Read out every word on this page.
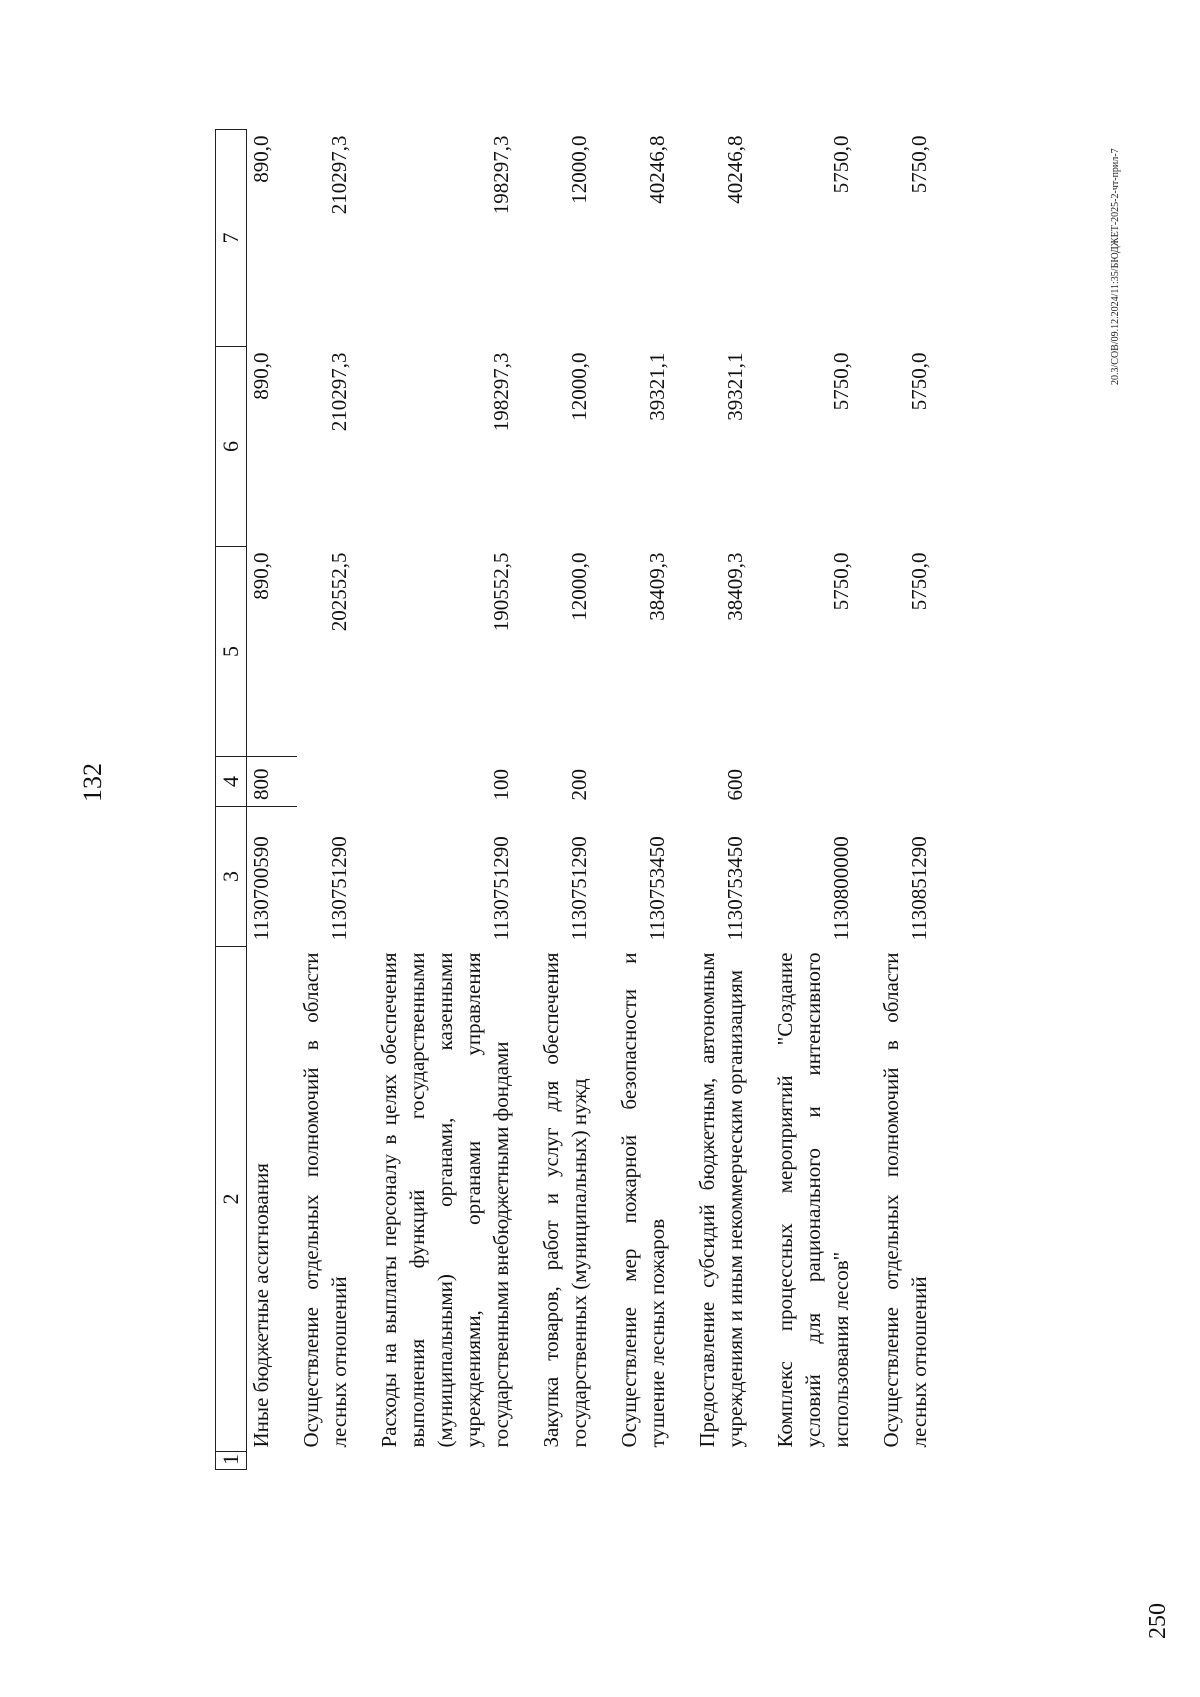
132
1	2	3	4	5	6	7
	Иные бюджетные ассигнования	1130700590	800	890,0	890,0	890,0
	Осуществление отдельных полномочий в области лесных отношений	1130751290		202552,5	210297,3	210297,3
	Расходы на выплаты персоналу в целях обеспечения выполнения функций государственными (муниципальными) органами, казенными учреждениями, органами управления государственными внебюджетными фондами	1130751290	100	190552,5	198297,3	198297,3
	Закупка товаров, работ и услуг для обеспечения государственных (муниципальных) нужд	1130751290	200	12000,0	12000,0	12000,0
	Осуществление мер пожарной безопасности и тушение лесных пожаров	1130753450		38409,3	39321,1	40246,8
	Предоставление субсидий бюджетным, автономным учреждениям и иным некоммерческим организациям	1130753450	600	38409,3	39321,1	40246,8
	Комплекс процессных мероприятий "Создание условий для рационального и интенсивного использования лесов"	1130800000		5750,0	5750,0	5750,0
	Осуществление отдельных полномочий в области лесных отношений	1130851290		5750,0	5750,0	5750,0	20.3/СОВ/09.12.2024/11:35/БЮДЖЕТ-2025-2-чт-прил-7
250
